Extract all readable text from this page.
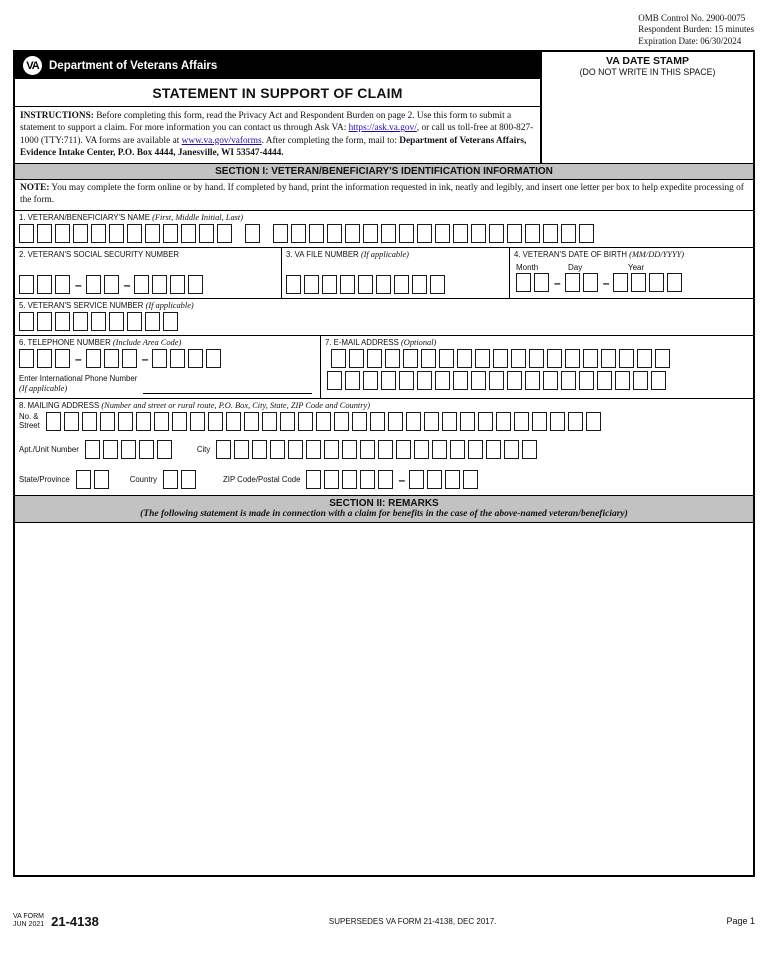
OMB Control No. 2900-0075
Respondent Burden: 15 minutes
Expiration Date: 06/30/2024
VA Department of Veterans Affairs
STATEMENT IN SUPPORT OF CLAIM
INSTRUCTIONS: Before completing this form, read the Privacy Act and Respondent Burden on page 2. Use this form to submit a statement to support a claim. For more information you can contact us through Ask VA: https://ask.va.gov/, or call us toll-free at 800-827-1000 (TTY:711). VA forms are available at www.va.gov/vaforms. After completing the form, mail to: Department of Veterans Affairs, Evidence Intake Center, P.O. Box 4444, Janesville, WI 53547-4444.
VA DATE STAMP
(DO NOT WRITE IN THIS SPACE)
SECTION I: VETERAN/BENEFICIARY'S IDENTIFICATION INFORMATION
NOTE: You may complete the form online or by hand. If completed by hand, print the information requested in ink, neatly and legibly, and insert one letter per box to help expedite processing of the form.
1. VETERAN/BENEFICIARY'S NAME (First, Middle Initial, Last)
2. VETERAN'S SOCIAL SECURITY NUMBER
–	–
3. VA FILE NUMBER (If applicable)	4. VETERAN'S DATE OF BIRTH (MM/DD/YYYY)
Month	Day	Year
–	–
5. VETERAN'S SERVICE NUMBER (If applicable)
6. TELEPHONE NUMBER (Include Area Code)
–	–
Enter International Phone Number
(If applicable)
7. E-MAIL ADDRESS (Optional)
8. MAILING ADDRESS (Number and street or rural route, P.O. Box, City, State, ZIP Code and Country)
No. &
Street
Apt./Unit Number	City
State/Province	Country	ZIP Code/Postal Code	–
SECTION II: REMARKS
(The following statement is made in connection with a claim for benefits in the case of the above-named veteran/beneficiary)
VA FORM
JUN 2021 21-4138	SUPERSEDES VA FORM 21-4138, DEC 2017.	Page 1
